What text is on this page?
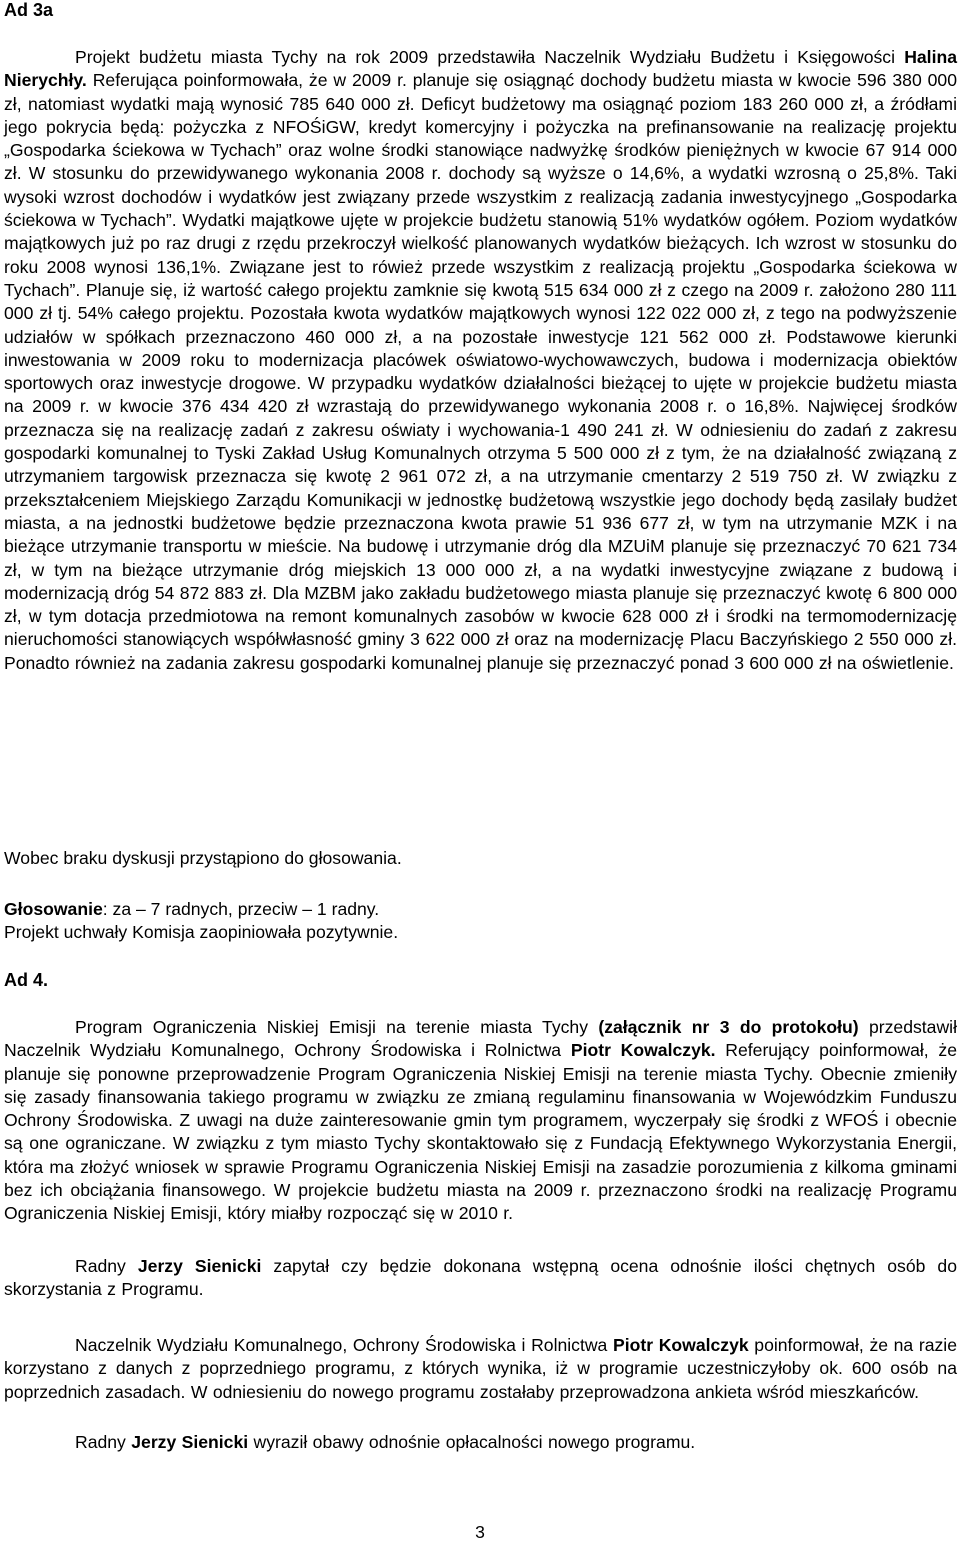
Ad 3a

Projekt budżetu miasta Tychy na rok 2009 przedstawiła Naczelnik Wydziału Budżetu i Księgowości Halina Nierychły. Referująca poinformowała, że w 2009 r. planuje się osiągnąć dochody budżetu miasta w kwocie 596 380 000 zł, natomiast wydatki mają wynosić 785 640 000 zł. Deficyt budżetowy ma osiągnąć poziom 183 260 000 zł, a źródłami jego pokrycia będą: pożyczka z NFOŚiGW, kredyt komercyjny i pożyczka na prefinansowanie na realizację projektu „Gospodarka ściekowa w Tychach” oraz wolne środki stanowiące nadwyżkę środków pieniężnych w kwocie 67 914 000 zł. W stosunku do przewidywanego wykonania 2008 r. dochody są wyższe o 14,6%, a wydatki wzrosną o 25,8%. Taki wysoki wzrost dochodów i wydatków jest związany przede wszystkim z realizacją zadania inwestycyjnego „Gospodarka ściekowa w Tychach”. Wydatki majątkowe ujęte w projekcie budżetu stanowią 51% wydatków ogółem. Poziom wydatków majątkowych już po raz drugi z rzędu przekroczył wielkość planowanych wydatków bieżących. Ich wzrost w stosunku do roku 2008 wynosi 136,1%. Związane jest to rówież przede wszystkim z realizacją projektu „Gospodarka ściekowa w Tychach”. Planuje się, iż wartość całego projektu zamknie się kwotą 515 634 000 zł z czego na 2009 r. założono 280 111 000 zł tj. 54% całego projektu. Pozostała kwota wydatków majątkowych wynosi 122 022 000 zł, z tego na podwyższenie udziałów w spółkach przeznaczono 460 000 zł, a na pozostałe inwestycje 121 562 000 zł. Podstawowe kierunki inwestowania w 2009 roku to modernizacja placówek oświatowo-wychowawczych, budowa i modernizacja obiektów sportowych oraz inwestycje drogowe. W przypadku wydatków działalności bieżącej to ujęte w projekcie budżetu miasta na 2009 r. w kwocie 376 434 420 zł wzrastają do przewidywanego wykonania 2008 r. o 16,8%. Najwięcej środków przeznacza się na realizację zadań z zakresu oświaty i wychowania-1 490 241 zł. W odniesieniu do zadań z zakresu gospodarki komunalnej to Tyski Zakład Usług Komunalnych otrzyma 5 500 000 zł z tym, że na działalność związaną z utrzymaniem targowisk przeznacza się kwotę 2 961 072 zł, a na utrzymanie cmentarzy 2 519 750 zł. W związku z przekształceniem Miejskiego Zarządu Komunikacji w jednostkę budżetową wszystkie jego dochody będą zasilały budżet miasta, a na jednostki budżetowe będzie przeznaczona kwota prawie 51 936 677 zł, w tym na utrzymanie MZK i na bieżące utrzymanie transportu w mieście. Na budowę i utrzymanie dróg dla MZUiM planuje się przeznaczyć 70 621 734 zł, w tym na bieżące utrzymanie dróg miejskich 13 000 000 zł, a na wydatki inwestycyjne związane z budową i modernizacją dróg 54 872 883 zł. Dla MZBM jako zakładu budżetowego miasta planuje się przeznaczyć kwotę 6 800 000 zł, w tym dotacja przedmiotowa na remont komunalnych zasobów w kwocie 628 000 zł i środki na termomodernizację nieruchomości stanowiących współwłasność gminy 3 622 000 zł oraz na modernizację Placu Baczyńskiego 2 550 000 zł. Ponadto również na zadania zakresu gospodarki komunalnej planuje się przeznaczyć ponad 3 600 000 zł na oświetlenie.

Wobec braku dyskusji przystąpiono do głosowania.

Głosowanie: za – 7 radnych, przeciw – 1 radny.

Projekt uchwały Komisja zaopiniowała pozytywnie.

Ad 4.

Program Ograniczenia Niskiej Emisji na terenie miasta Tychy (załącznik nr 3 do protokołu) przedstawił Naczelnik Wydziału Komunalnego, Ochrony Środowiska i Rolnictwa Piotr Kowalczyk. Referujący poinformował, że planuje się ponowne przeprowadzenie Program Ograniczenia Niskiej Emisji na terenie miasta Tychy. Obecnie zmieniły się zasady finansowania takiego programu w związku ze zmianą regulaminu finansowania w Wojewódzkim Funduszu Ochrony Środowiska. Z uwagi na duże zainteresowanie gmin tym programem, wyczerpały się środki z WFOŚ i obecnie są one ograniczane. W związku z tym miasto Tychy skontaktowało się z Fundacją Efektywnego Wykorzystania Energii, która ma złożyć wniosek w sprawie Programu Ograniczenia Niskiej Emisji na zasadzie porozumienia z kilkoma gminami bez ich obciążania finansowego. W projekcie budżetu miasta na 2009 r. przeznaczono środki na realizację Programu Ograniczenia Niskiej Emisji, który miałby rozpocząć się w 2010 r.

Radny Jerzy Sienicki zapytał czy będzie dokonana wstępną ocena odnośnie ilości chętnych osób do skorzystania z Programu.

Naczelnik Wydziału Komunalnego, Ochrony Środowiska i Rolnictwa Piotr Kowalczyk poinformował, że na razie korzystano z danych z poprzedniego programu, z których wynika, iż w programie uczestniczyłoby ok. 600 osób na poprzednich zasadach. W odniesieniu do nowego programu zostałaby przeprowadzona ankieta wśród mieszkańców.

Radny Jerzy Sienicki wyraził obawy odnośnie opłacalności nowego programu.

3
